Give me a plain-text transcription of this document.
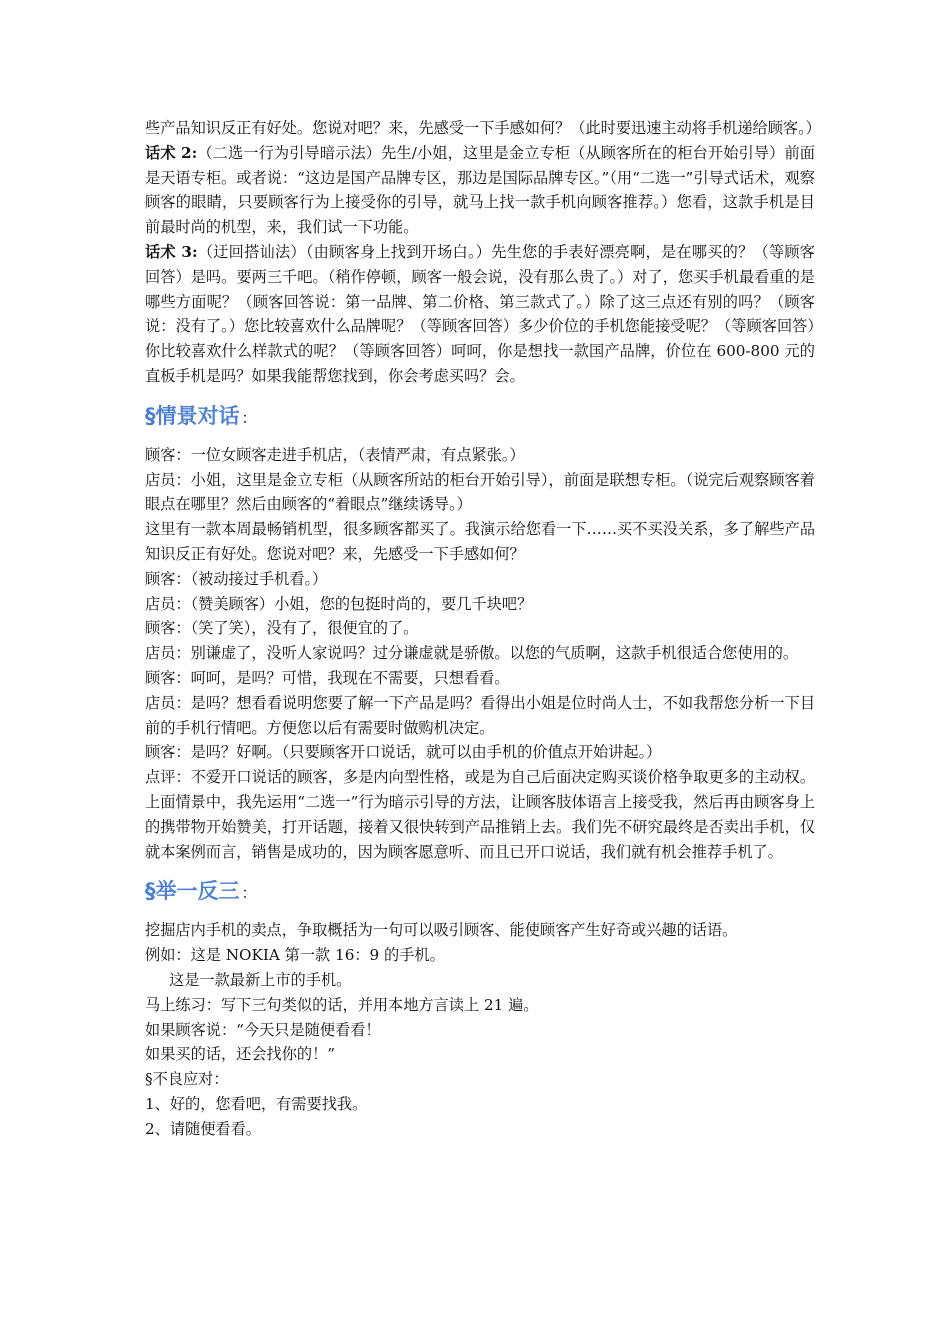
些产品知识反正有好处。您说对吧？来，先感受一下手感如何？（此时要迅速主动将手机递给顾客。）

话术 2:（二选一行为引导暗示法）先生/小姐，这里是金立专柜（从顾客所在的柜台开始引导）前面是天语专柜。或者说：“这边是国产品牌专区，那边是国际品牌专区。”（用“二选一”引导式话术，观察顾客的眼睛，只要顾客行为上接受你的引导，就马上找一款手机向顾客推荐。）您看，这款手机是目前最时尚的机型，来，我们试一下功能。

话术 3:（迂回搭讪法）（由顾客身上找到开场白。）先生您的手表好漂亮啊，是在哪买的？（等顾客回答）是吗。要两三千吧。（稍作停顿，顾客一般会说，没有那么贵了。）对了，您买手机最看重的是哪些方面呢？（顾客回答说：第一品牌、第二价格、第三款式了。）除了这三点还有别的吗？（顾客说：没有了。）您比较喜欢什么品牌呢？（等顾客回答）多少价位的手机您能接受呢？（等顾客回答）你比较喜欢什么样款式的呢？（等顾客回答）呵呵，你是想找一款国产品牌，价位在 600-800 元的直板手机是吗？如果我能帮您找到，你会考虑买吗？会。

§情景对话 ：

顾客：一位女顾客走进手机店，（表情严肃，有点紧张。）

店员：小姐，这里是金立专柜（从顾客所站的柜台开始引导），前面是联想专柜。（说完后观察顾客着眼点在哪里？然后由顾客的“着眼点”继续诱导。）

这里有一款本周最畅销机型，很多顾客都买了。我演示给您看一下……买不买没关系，多了解些产品知识反正有好处。您说对吧？来，先感受一下手感如何？

顾客：（被动接过手机看。）

店员：（赞美顾客）小姐，您的包挺时尚的，要几千块吧？

顾客：（笑了笑），没有了，很便宜的了。

店员：别谦虚了，没听人家说吗？过分谦虚就是骄傲。以您的气质啊，这款手机很适合您使用的。

顾客：呵呵，是吗？可惜，我现在不需要，只想看看。

店员：是吗？想看看说明您要了解一下产品是吗？看得出小姐是位时尚人士，不如我帮您分析一下目前的手机行情吧。方便您以后有需要时做购机决定。

顾客：是吗？好啊。（只要顾客开口说话，就可以由手机的价值点开始讲起。）

点评：不爱开口说话的顾客，多是内向型性格，或是为自己后面决定购买谈价格争取更多的主动权。上面情景中，我先运用“二选一”行为暗示引导的方法，让顾客肢体语言上接受我，然后再由顾客身上的携带物开始赞美，打开话题，接着又很快转到产品推销上去。我们先不研究最终是否卖出手机，仅就本案例而言，销售是成功的，因为顾客愿意听、而且已开口说话，我们就有机会推荐手机了。

§举一反三 ：

挖掘店内手机的卖点，争取概括为一句可以吸引顾客、能使顾客产生好奇或兴趣的话语。

例如：这是 NOKIA 第一款 16：9 的手机。

这是一款最新上市的手机。

马上练习：写下三句类似的话，并用本地方言读上 21 遍。

如果顾客说：“今天只是随便看看！

如果买的话，还会找你的！”

§不良应对：

1、好的，您看吧，有需要找我。

2、请随便看看。
